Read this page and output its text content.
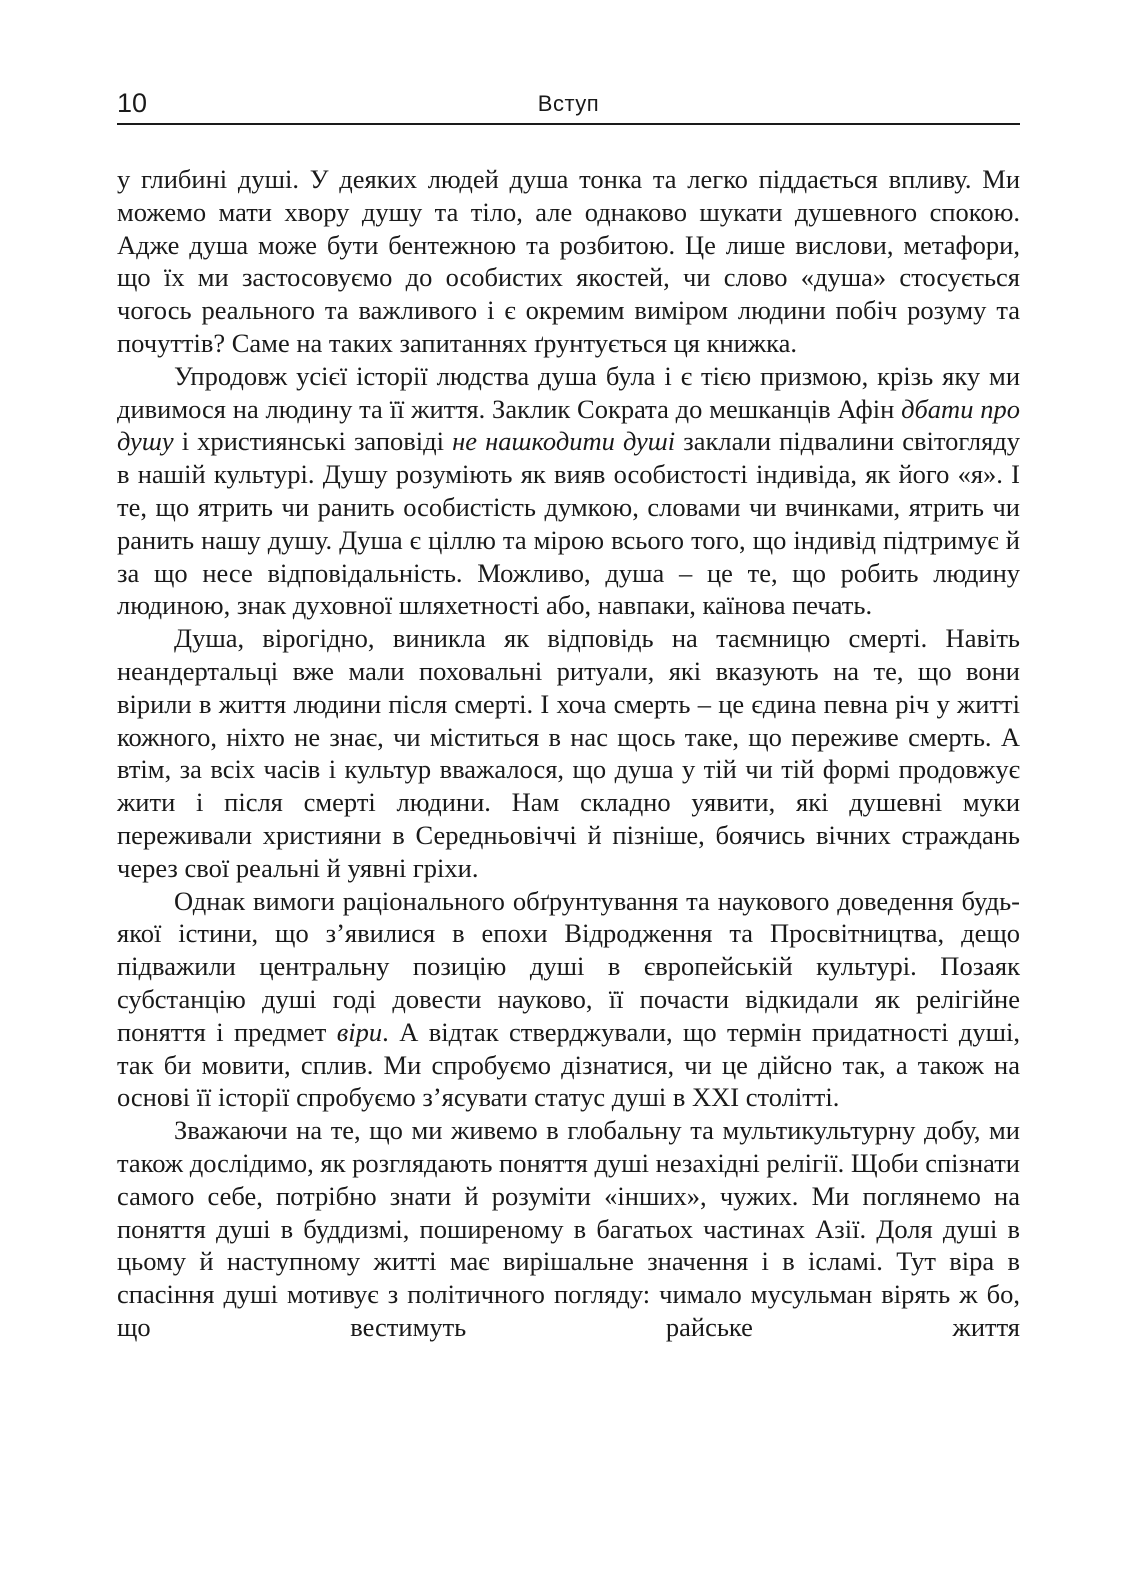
10	Вступ

у глибині душі. У деяких людей душа тонка та легко піддається впливу. Ми можемо мати хвору душу та тіло, але однаково шукати душевного спокою. Адже душа може бути бентежною та розбитою. Це лише вислови, метафори, що їх ми застосовуємо до особистих якостей, чи слово «душа» стосується чогось реального та важливого і є окремим виміром людини побіч розуму та почуттів? Саме на таких запитаннях ґрунтується ця книжка.

Упродовж усієї історії людства душа була і є тією призмою, крізь яку ми дивимося на людину та її життя. Заклик Сократа до мешканців Афін дбати про душу і християнські заповіді не нашкодити душі заклали підвалини світогляду в нашій культурі. Душу розуміють як вияв особистості індивіда, як його «я». І те, що ятрить чи ранить особистість думкою, словами чи вчинками, ятрить чи ранить нашу душу. Душа є ціллю та мірою всього того, що індивід підтримує й за що несе відповідальність. Можливо, душа – це те, що робить людину людиною, знак духовної шляхетності або, навпаки, каїнова печать.

Душа, вірогідно, виникла як відповідь на таємницю смерті. Навіть неандертальці вже мали поховальні ритуали, які вказують на те, що вони вірили в життя людини після смерті. І хоча смерть – це єдина певна річ у житті кожного, ніхто не знає, чи міститься в нас щось таке, що переживе смерть. А втім, за всіх часів і культур вважалося, що душа у тій чи тій формі продовжує жити і після смерті людини. Нам складно уявити, які душевні муки переживали християни в Середньовіччі й пізніше, боячись вічних страждань через свої реальні й уявні гріхи.

Однак вимоги раціонального обґрунтування та наукового доведення будь-якої істини, що з’явилися в епохи Відродження та Просвітництва, дещо підважили центральну позицію душі в європейській культурі. Позаяк субстанцію душі годі довести науково, її почасти відкидали як релігійне поняття і предмет віри. А відтак стверджували, що термін придатності душі, так би мовити, сплив. Ми спробуємо дізнатися, чи це дійсно так, а також на основі її історії спробуємо з’ясувати статус душі в XXI столітті.

Зважаючи на те, що ми живемо в глобальну та мультикультурну добу, ми також дослідимо, як розглядають поняття душі незахідні релігії. Щоби спізнати самого себе, потрібно знати й розуміти «інших», чужих. Ми поглянемо на поняття душі в буддизмі, поширеному в багатьох частинах Азії. Доля душі в цьому й наступному житті має вирішальне значення і в ісламі. Тут віра в спасіння душі мотивує з політичного погляду: чимало мусульман вірять ж бо, що вестимуть райське життя
